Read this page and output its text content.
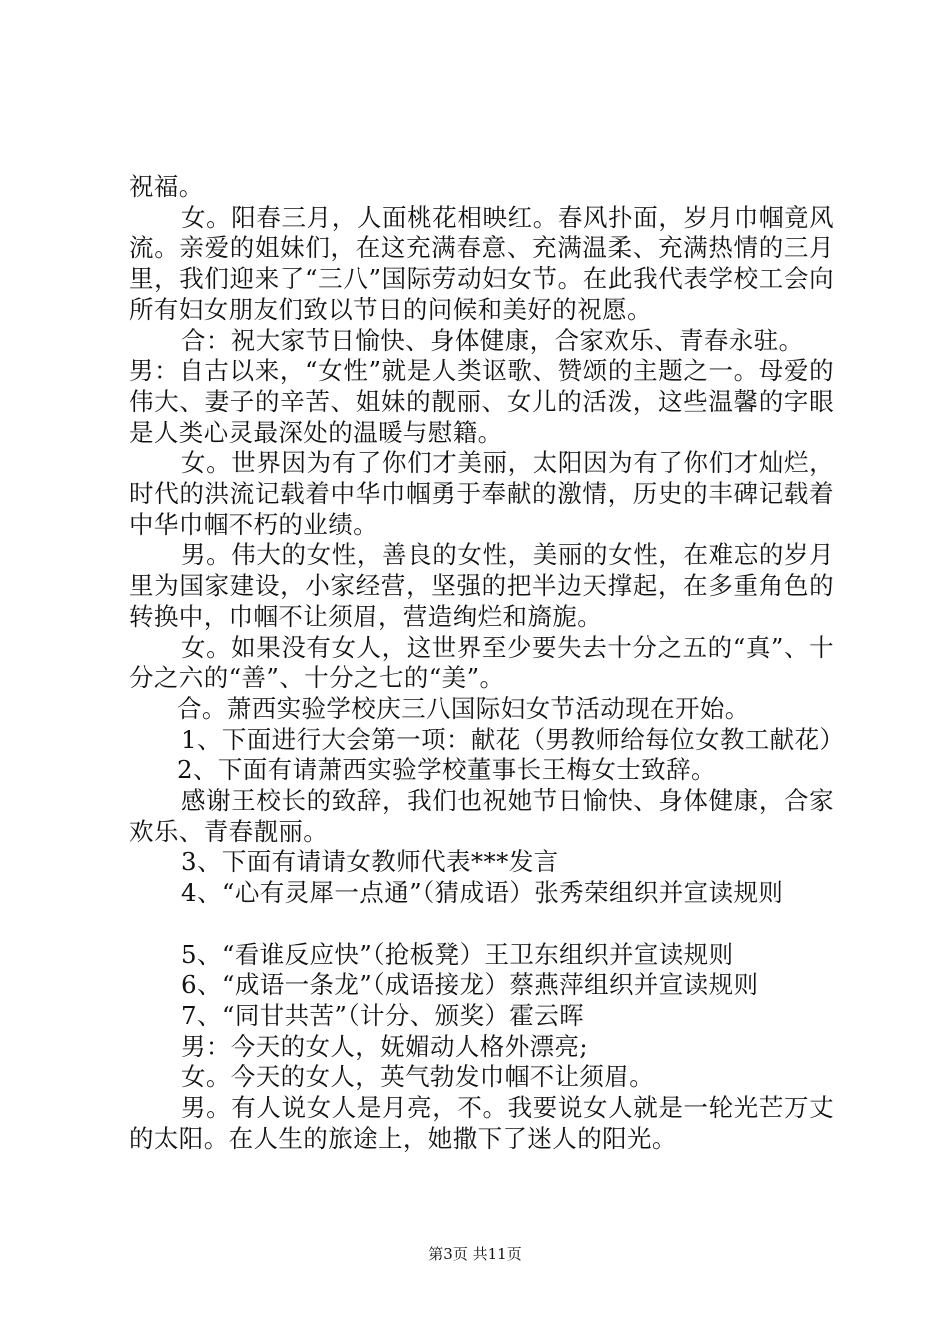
祝福。

女。阳春三月，人面桃花相映红。春风扑面，岁月巾帼竟风流。亲爱的姐妹们，在这充满春意、充满温柔、充满热情的三月里，我们迎来了“三八”国际劳动妇女节。在此我代表学校工会向所有妇女朋友们致以节日的问候和美好的祝愿。

合：祝大家节日愉快、身体健康，合家欢乐、青春永驻。

男：自古以来，“女性”就是人类讴歌、赞颂的主题之一。母爱的伟大、妻子的辛苦、姐妹的靓丽、女儿的活泼，这些温馨的字眼是人类心灵最深处的温暖与慰籍。

女。世界因为有了你们才美丽，太阳因为有了你们才灿烂，时代的洪流记载着中华巾帼勇于奉献的激情，历史的丰碑记载着中华巾帼不朽的业绩。

男。伟大的女性，善良的女性，美丽的女性，在难忘的岁月里为国家建设，小家经营，坚强的把半边天撑起，在多重角色的转换中，巾帼不让须眉，营造绚烂和旖旎。

女。如果没有女人，这世界至少要失去十分之五的“真”、十分之六的“善”、十分之七的“美”。

合。萧西实验学校庆三八国际妇女节活动现在开始。

1、下面进行大会第一项：献花（男教师给每位女教工献花）

2、下面有请萧西实验学校董事长王梅女士致辞。

感谢王校长的致辞，我们也祝她节日愉快、身体健康，合家欢乐、青春靓丽。

3、下面有请请女教师代表***发言

4、“心有灵犀一点通”（猜成语）张秀荣组织并宣读规则

5、“看谁反应快”（抢板凳）王卫东组织并宣读规则

6、“成语一条龙”（成语接龙）蔡燕萍组织并宣读规则

7、“同甘共苦”（计分、颁奖）霍云晖

男：今天的女人，妩媚动人格外漂亮;

女。今天的女人，英气勃发巾帼不让须眉。

男。有人说女人是月亮，不。我要说女人就是一轮光芒万丈的太阳。在人生的旅途上，她撒下了迷人的阳光。

第3页 共11页
